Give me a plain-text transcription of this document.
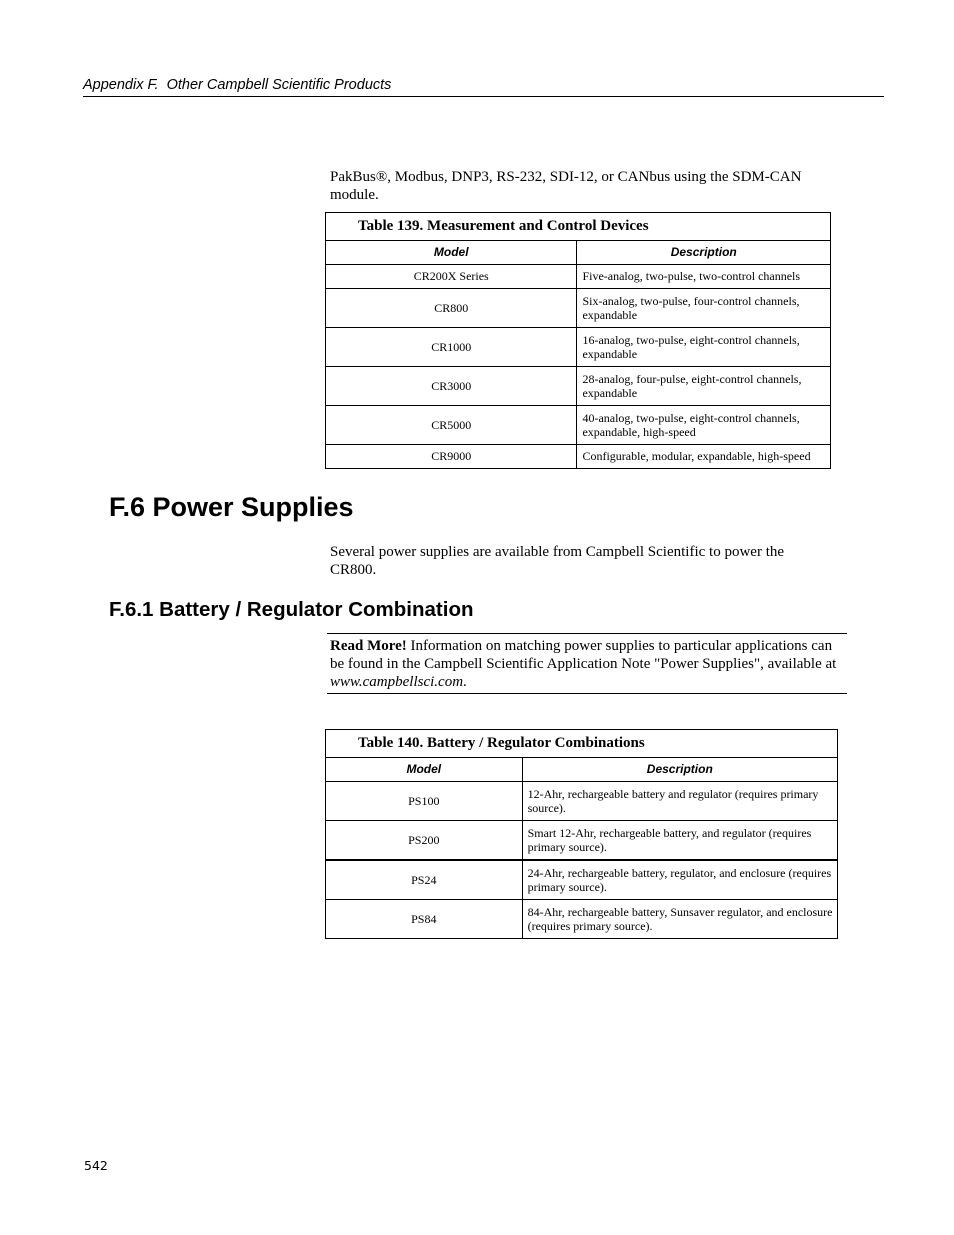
Appendix F.  Other Campbell Scientific Products

PakBus®, Modbus, DNP3, RS-232, SDI-12, or CANbus using the SDM-CAN module.

Table 139. Measurement and Control Devices	
Model	Description
CR200X Series	Five-analog, two-pulse, two-control channels
CR800	Six-analog, two-pulse, four-control channels, expandable
CR1000	16-analog, two-pulse, eight-control channels, expandable
CR3000	28-analog, four-pulse, eight-control channels, expandable
CR5000	40-analog, two-pulse, eight-control channels, expandable, high-speed
CR9000	Configurable, modular, expandable, high-speed
F.6 Power Supplies

Several power supplies are available from Campbell Scientific to power the CR800.

F.6.1 Battery / Regulator Combination
Read More! Information on matching power supplies to particular applications can be found in the Campbell Scientific Application Note "Power Supplies", available at www.campbellsci.com.
Table 140. Battery / Regulator Combinations	
Model	Description
PS100	12-Ahr, rechargeable battery and regulator (requires primary source).
PS200	Smart 12-Ahr, rechargeable battery, and regulator (requires primary source).
PS24	24-Ahr, rechargeable battery, regulator, and enclosure (requires primary source).
PS84	84-Ahr, rechargeable battery, Sunsaver regulator, and enclosure (requires primary source).
542
